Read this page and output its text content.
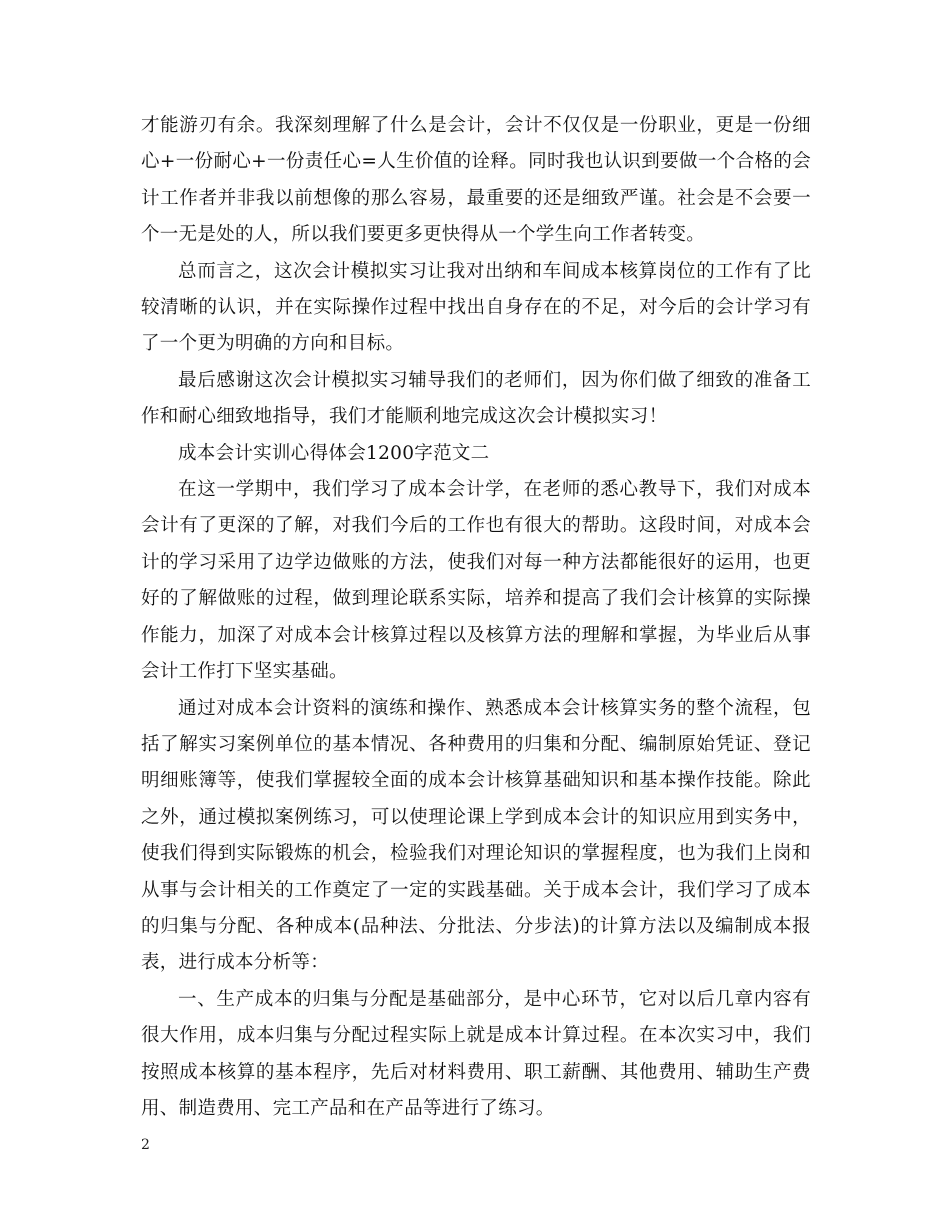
才能游刃有余。我深刻理解了什么是会计，会计不仅仅是一份职业，更是一份细心+一份耐心+一份责任心=人生价值的诠释。同时我也认识到要做一个合格的会计工作者并非我以前想像的那么容易，最重要的还是细致严谨。社会是不会要一个一无是处的人，所以我们要更多更快得从一个学生向工作者转变。

总而言之，这次会计模拟实习让我对出纳和车间成本核算岗位的工作有了比较清晰的认识，并在实际操作过程中找出自身存在的不足，对今后的会计学习有了一个更为明确的方向和目标。

最后感谢这次会计模拟实习辅导我们的老师们，因为你们做了细致的准备工作和耐心细致地指导，我们才能顺利地完成这次会计模拟实习！

成本会计实训心得体会1200字范文二

在这一学期中，我们学习了成本会计学，在老师的悉心教导下，我们对成本会计有了更深的了解，对我们今后的工作也有很大的帮助。这段时间，对成本会计的学习采用了边学边做账的方法，使我们对每一种方法都能很好的运用，也更好的了解做账的过程，做到理论联系实际，培养和提高了我们会计核算的实际操作能力，加深了对成本会计核算过程以及核算方法的理解和掌握，为毕业后从事会计工作打下坚实基础。

通过对成本会计资料的演练和操作、熟悉成本会计核算实务的整个流程，包括了解实习案例单位的基本情况、各种费用的归集和分配、编制原始凭证、登记明细账簿等，使我们掌握较全面的成本会计核算基础知识和基本操作技能。除此之外，通过模拟案例练习，可以使理论课上学到成本会计的知识应用到实务中，使我们得到实际锻炼的机会，检验我们对理论知识的掌握程度，也为我们上岗和从事与会计相关的工作奠定了一定的实践基础。关于成本会计，我们学习了成本的归集与分配、各种成本(品种法、分批法、分步法)的计算方法以及编制成本报表，进行成本分析等：

一、生产成本的归集与分配是基础部分，是中心环节，它对以后几章内容有很大作用，成本归集与分配过程实际上就是成本计算过程。在本次实习中，我们按照成本核算的基本程序，先后对材料费用、职工薪酬、其他费用、辅助生产费用、制造费用、完工产品和在产品等进行了练习。

2
